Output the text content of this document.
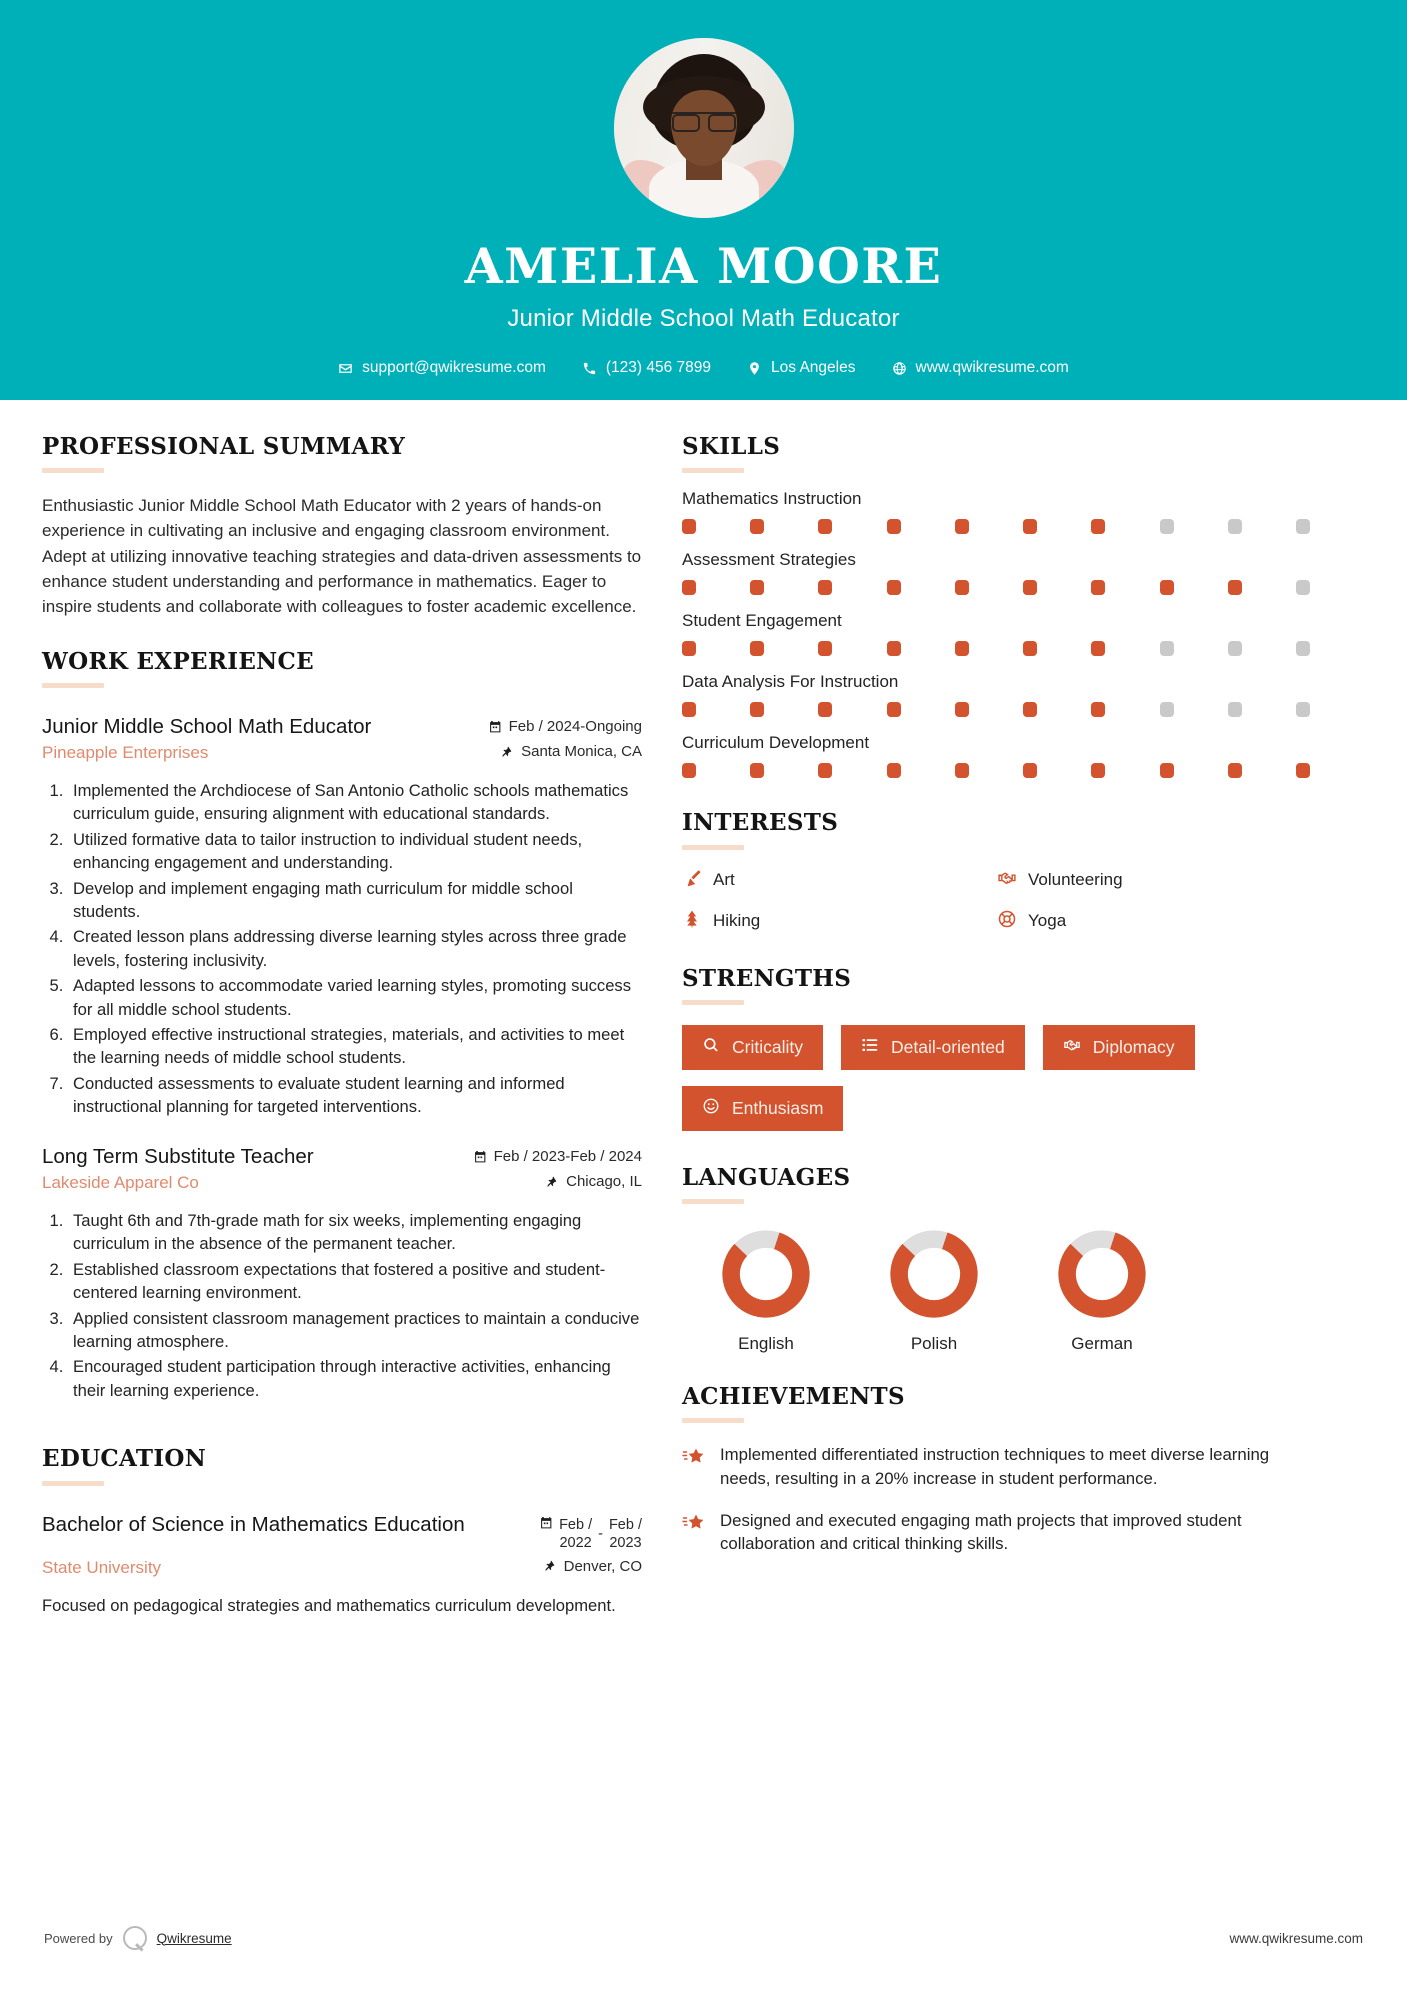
AMELIA MOORE
Junior Middle School Math Educator
support@qwikresume.com	(123) 456 7899	Los Angeles	www.qwikresume.com
PROFESSIONAL SUMMARY
Enthusiastic Junior Middle School Math Educator with 2 years of hands-on experience in cultivating an inclusive and engaging classroom environment. Adept at utilizing innovative teaching strategies and data-driven assessments to enhance student understanding and performance in mathematics. Eager to inspire students and collaborate with colleagues to foster academic excellence.
WORK EXPERIENCE
Junior Middle School Math Educator	Feb / 2024-Ongoing
Pineapple Enterprises	Santa Monica, CA
1. Implemented the Archdiocese of San Antonio Catholic schools mathematics curriculum guide, ensuring alignment with educational standards.
2. Utilized formative data to tailor instruction to individual student needs, enhancing engagement and understanding.
3. Develop and implement engaging math curriculum for middle school students.
4. Created lesson plans addressing diverse learning styles across three grade levels, fostering inclusivity.
5. Adapted lessons to accommodate varied learning styles, promoting success for all middle school students.
6. Employed effective instructional strategies, materials, and activities to meet the learning needs of middle school students.
7. Conducted assessments to evaluate student learning and informed instructional planning for targeted interventions.
Long Term Substitute Teacher	Feb / 2023-Feb / 2024
Lakeside Apparel Co	Chicago, IL
1. Taught 6th and 7th-grade math for six weeks, implementing engaging curriculum in the absence of the permanent teacher.
2. Established classroom expectations that fostered a positive and student-centered learning environment.
3. Applied consistent classroom management practices to maintain a conducive learning atmosphere.
4. Encouraged student participation through interactive activities, enhancing their learning experience.
EDUCATION
Bachelor of Science in Mathematics Education	Feb /
2022
-
Feb /
2023
State University	Denver, CO
Focused on pedagogical strategies and mathematics curriculum development.
SKILLS
Mathematics Instruction
Assessment Strategies
Student Engagement
Data Analysis For Instruction
Curriculum Development
INTERESTS
Art	Volunteering
Hiking	Yoga
STRENGTHS
Criticality	Detail-oriented	Diplomacy
Enthusiasm
LANGUAGES
English	Polish	German
ACHIEVEMENTS
Implemented differentiated instruction techniques to meet diverse learning needs, resulting in a 20% increase in student performance.
Designed and executed engaging math projects that improved student collaboration and critical thinking skills.
Powered by	Qwikresume	www.qwikresume.com
